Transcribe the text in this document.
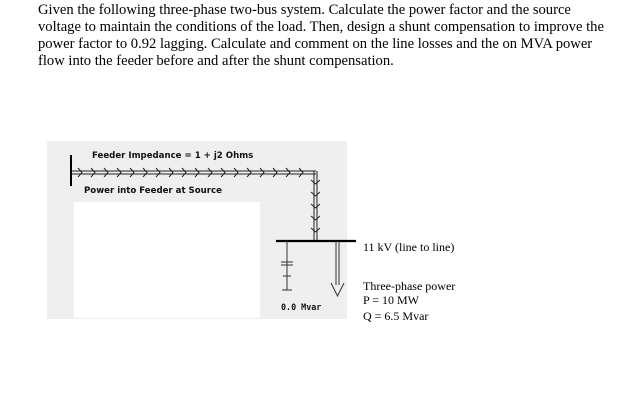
Given the following three-phase two-bus system. Calculate the power factor and the source voltage to maintain the conditions of the load. Then, design a shunt compensation to improve the power factor to 0.92 lagging. Calculate and comment on the line losses and the on MVA power flow into the feeder before and after the shunt compensation.

Feeder Impedance = 1 + j2 Ohms
Power into Feeder at Source
0.0 Mvar
11 kV (line to line)
Three-phase power
P = 10 MW
Q = 6.5 Mvar
